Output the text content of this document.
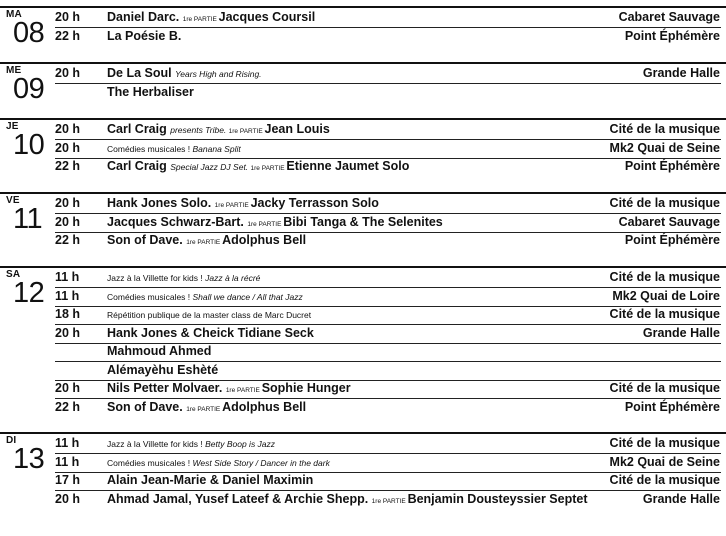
MA
08 20 h Daniel Darc. 1re PARTIE Jacques Coursil	Cabaret Sauvage
22 h La Poésie B.	Point Éphémère
ME
09 20 h De La Soul Years High and Rising.	Grande Halle
The Herbaliser
JE
10 20 h Carl Craig presents Tribe. 1re PARTIE Jean Louis	Cité de la musique
20 h	Comédies musicales ! Banana Split	Mk2 Quai de Seine
22 h Carl Craig Special Jazz DJ Set. 1re PARTIE Etienne Jaumet Solo	Point Éphémère
VE
11 20 h Hank Jones Solo. 1re PARTIE Jacky Terrasson Solo	Cité de la musique
20 h Jacques Schwarz-Bart. 1re PARTIE Bibi Tanga & The Selenites	Cabaret Sauvage
22 h Son of Dave. 1re PARTIE Adolphus Bell	Point Éphémère
SA
12 11 h	Jazz à la Villette for kids ! Jazz à la récré	Cité de la musique
11 h	Comédies musicales ! Shall we dance / All that Jazz	Mk2 Quai de Loire
18 h	Répétition publique de la master class de Marc Ducret	Cité de la musique
20 h Hank Jones & Cheick Tidiane Seck	Grande Halle
Mahmoud Ahmed
Alémayèhu Eshèté
20 h Nils Petter Molvaer. 1re PARTIE Sophie Hunger	Cité de la musique
22 h Son of Dave. 1re PARTIE Adolphus Bell	Point Éphémère
DI
13 11 h	Jazz à la Villette for kids ! Betty Boop is Jazz	Cité de la musique
11 h	Comédies musicales ! West Side Story / Dancer in the dark	Mk2 Quai de Seine
17 h Alain Jean-Marie & Daniel Maximin	Cité de la musique
20 h Ahmad Jamal, Yusef Lateef & Archie Shepp. 1re PARTIE Benjamin Dousteyssier Septet	Grande Halle
